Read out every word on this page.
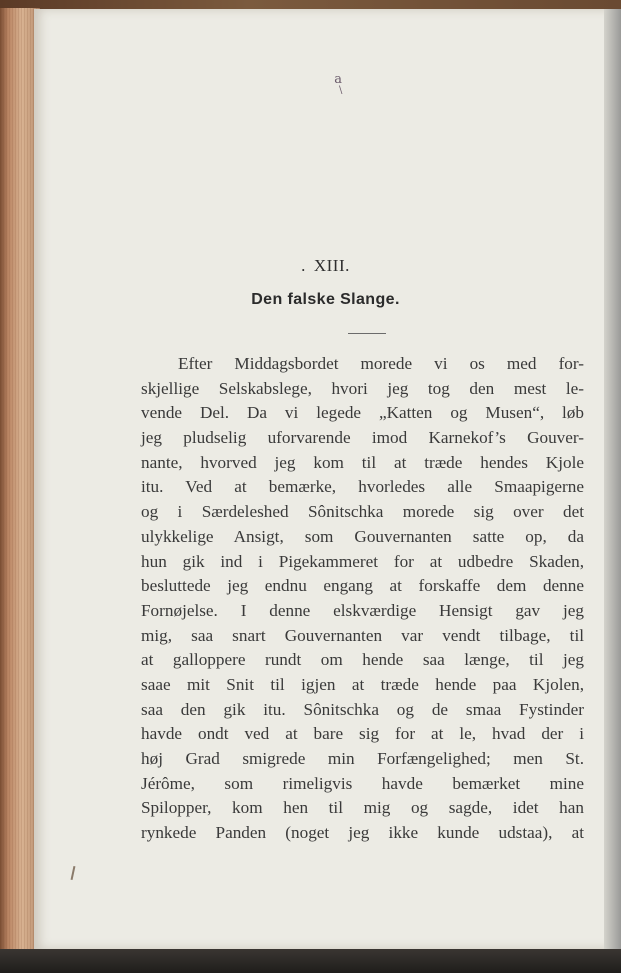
a
\
. XIII.
Den falske Slange.
Efter Middagsbordet morede vi os med for-
skjellige Selskabslege, hvori jeg tog den mest le-
vende Del. Da vi legede „Katten og Musen“, løb
jeg pludselig uforvarende imod Karnekof’s Gouver-
nante, hvorved jeg kom til at træde hendes Kjole
itu. Ved at bemærke, hvorledes alle Smaapigerne
og i Særdeleshed Sônitschka morede sig over det
ulykkelige Ansigt, som Gouvernanten satte op, da
hun gik ind i Pigekammeret for at udbedre Skaden,
besluttede jeg endnu engang at forskaffe dem denne
Fornøjelse. I denne elskværdige Hensigt gav jeg
mig, saa snart Gouvernanten var vendt tilbage, til
at galloppere rundt om hende saa længe, til jeg
saae mit Snit til igjen at træde hende paa Kjolen,
saa den gik itu. Sônitschka og de smaa Fystinder
havde ondt ved at bare sig for at le, hvad der i
høj Grad smigrede min Forfængelighed; men St.
Jérôme, som rimeligvis havde bemærket mine
Spilopper, kom hen til mig og sagde, idet han
rynkede Panden (noget jeg ikke kunde udstaa), at
